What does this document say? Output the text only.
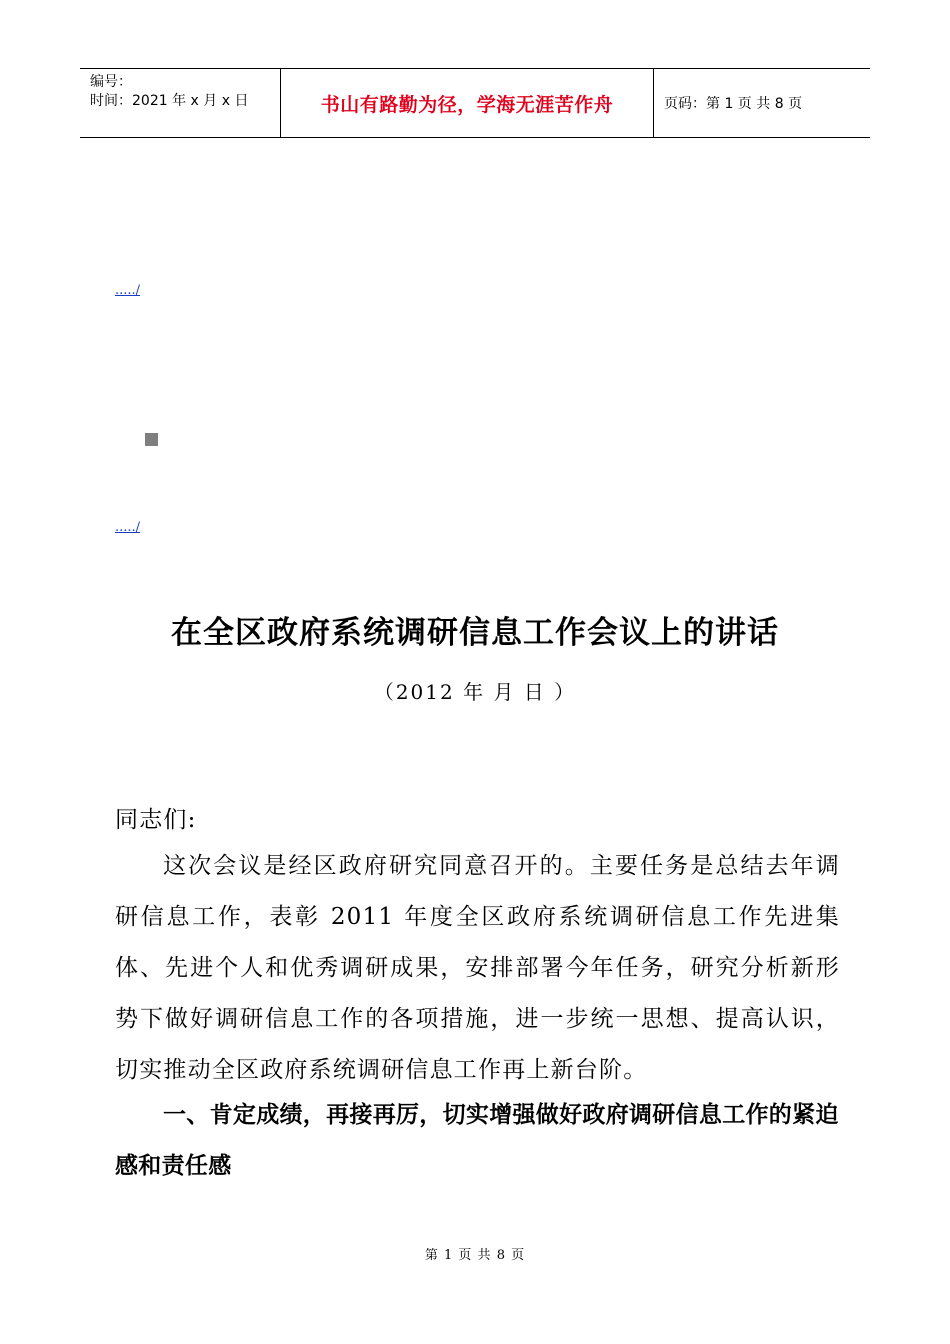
编号：
时间：2021 年 x 月 x 日	书山有路勤为径，学海无涯苦作舟	页码：第 1 页 共 8 页
...../
...../
在全区政府系统调研信息工作会议上的讲话
（2012 年 月 日 ）
同志们:
这次会议是经区政府研究同意召开的。主要任务是总结去年调研信息工作，表彰 2011 年度全区政府系统调研信息工作先进集体、先进个人和优秀调研成果，安排部署今年任务，研究分析新形势下做好调研信息工作的各项措施，进一步统一思想、提高认识，切实推动全区政府系统调研信息工作再上新台阶。
一、肯定成绩，再接再厉，切实增强做好政府调研信息工作的紧迫感和责任感
第 1 页 共 8 页
